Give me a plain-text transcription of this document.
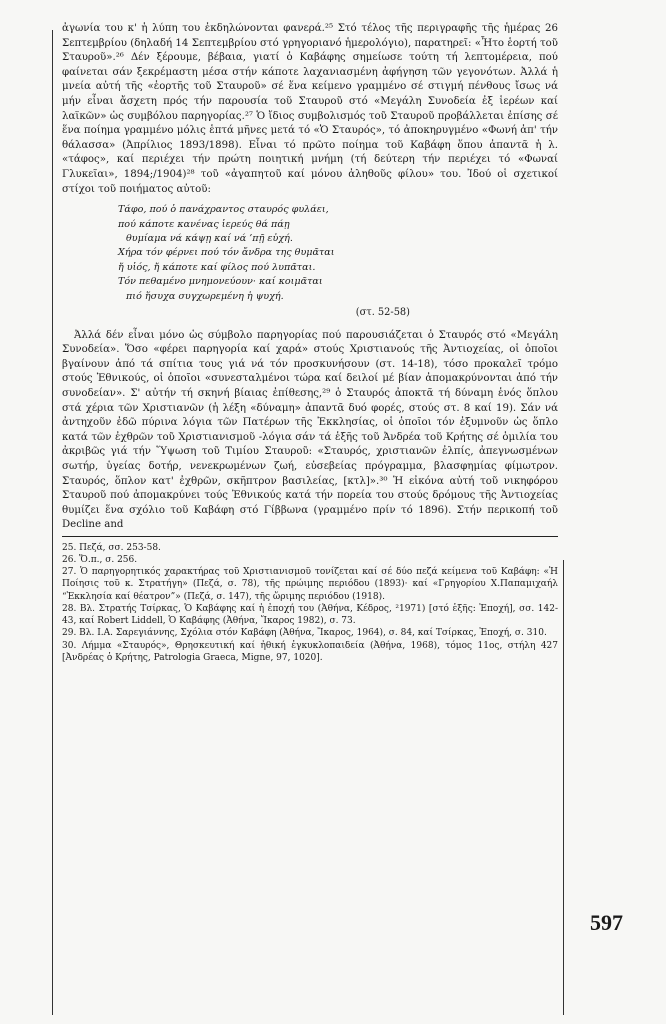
ἀγωνία του κ' ἡ λύπη του ἐκδηλώνονται φανερά.²⁵ Στό τέλος τῆς περιγραφῆς τῆς ἡμέρας 26 Σεπτεμβρίου (δηλαδή 14 Σεπτεμβρίου στό γρηγοριανό ἡμερολόγιο), παρατηρεῖ: «Ἦτο ἑορτή τοῦ Σταυροῦ».²⁶ Δέν ξέρουμε, βέβαια, γιατί ὁ Καβάφης σημείωσε τούτη τή λεπτομέρεια, πού φαίνεται σάν ξεκρέμαστη μέσα στήν κάποτε λαχανιασμένη ἀφήγηση τῶν γεγονότων. Ἀλλά ἡ μνεία αὐτή τῆς «ἑορτῆς τοῦ Σταυροῦ» σέ ἕνα κείμενο γραμμένο σέ στιγμή πένθους ἴσως νά μήν εἶναι ἄσχετη πρός τήν παρουσία τοῦ Σταυροῦ στό «Μεγάλη Συνοδεία ἐξ ἱερέων καί λαϊκῶν» ὡς συμβόλου παρηγορίας.²⁷ Ὁ ἴδιος συμβολισμός τοῦ Σταυροῦ προβάλλεται ἐπίσης σέ ἕνα ποίημα γραμμένο μόλις ἑπτά μῆνες μετά τό «Ὁ Σταυρός», τό ἀποκηρυγμένο «Φωνή ἀπ' τήν θάλασσα» (Ἀπρίλιος 1893/1898). Εἶναι τό πρῶτο ποίημα τοῦ Καβάφη ὅπου ἀπαντᾶ ἡ λ. «τάφος», καί περιέχει τήν πρώτη ποιητική μνήμη (τή δεύτερη τήν περιέχει τό «Φωναί Γλυκεῖαι», 1894;/1904)²⁸ τοῦ «ἀγαπητοῦ καί μόνου ἀληθοῦς φίλου» του. Ἰδού οἱ σχετικοί στίχοι τοῦ ποιήματος αὐτοῦ:

Τάφο, πού ὁ πανάχραντος σταυρός φυλάει,
πού κάποτε κανένας ἱερεύς θά πάῃ
θυμίαμα νά κάψῃ καί νά ’πῇ εὐχή.
Χήρα τόν φέρνει πού τόν ἄνδρα της θυμᾶται
ἤ υἱός, ἤ κάποτε καί φίλος πού λυπᾶται.
Τόν πεθαμένο μνημονεύουν· καί κοιμᾶται
πιό ἥσυχα συγχωρεμένη ἡ ψυχή.
(στ. 52-58)

Ἀλλά δέν εἶναι μόνο ὡς σύμβολο παρηγορίας πού παρουσιάζεται ὁ Σταυρός στό «Μεγάλη Συνοδεία». Ὅσο «φέρει παρηγορία καί χαρά» στούς Χριστιανούς τῆς Ἀντιοχείας, οἱ ὁποῖοι βγαίνουν ἀπό τά σπίτια τους γιά νά τόν προσκυνήσουν (στ. 14-18), τόσο προκαλεῖ τρόμο στούς Ἐθνικούς, οἱ ὁποῖοι «συνεσταλμένοι τώρα καί δειλοί μέ βίαν ἀπομακρύνονται ἀπό τήν συνοδείαν». Σ' αὐτήν τή σκηνή βίαιας ἐπίθεσης,²⁹ ὁ Σταυρός ἀποκτᾶ τή δύναμη ἑνός ὅπλου στά χέρια τῶν Χριστιανῶν (ἡ λέξη «δύναμη» ἀπαντᾶ δυό φορές, στούς στ. 8 καί 19). Σάν νά ἀντηχοῦν ἐδῶ πύρινα λόγια τῶν Πατέρων τῆς Ἐκκλησίας, οἱ ὁποῖοι τόν ἐξυμνοῦν ὡς ὅπλο κατά τῶν ἐχθρῶν τοῦ Χριστιανισμοῦ -λόγια σάν τά ἑξῆς τοῦ Ἀνδρέα τοῦ Κρήτης σέ ὁμιλία του ἀκριβῶς γιά τήν Ὕψωση τοῦ Τιμίου Σταυροῦ: «Σταυρός, χριστιανῶν ἐλπίς, ἀπεγνωσμένων σωτήρ, ὑγείας δοτήρ, νενεκρωμένων ζωή, εὐσεβείας πρόγραμμα, βλασφημίας φίμωτρον. Σταυρός, ὅπλον κατ' ἐχθρῶν, σκῆπτρον βασιλείας, [κτλ]».³⁰ Ἡ εἰκόνα αὐτή τοῦ νικηφόρου Σταυροῦ πού ἀπομακρύνει τούς Ἐθνικούς κατά τήν πορεία του στούς δρόμους τῆς Ἀντιοχείας θυμίζει ἕνα σχόλιο τοῦ Καβάφη στό Γίββωνα (γραμμένο πρίν τό 1896). Στήν περικοπή τοῦ Decline and

25. Πεζά, σσ. 253-58.
26. Ὅ.π., σ. 256.
27. Ὁ παρηγορητικός χαρακτήρας τοῦ Χριστιανισμοῦ τονίζεται καί σέ δύο πεζά κείμενα τοῦ Καβάφη: «Ἡ Ποίησις τοῦ κ. Στρατήγη» (Πεζά, σ. 78), τῆς πρώιμης περιόδου (1893)· καί «Γρηγορίου Χ.Παπαμιχαήλ “Ἐκκλησία καί θέατρον”» (Πεζά, σ. 147), τῆς ὥριμης περιόδου (1918).
28. Βλ. Στρατής Τσίρκας, Ὁ Καβάφης καί ἡ ἐποχή του (Ἀθήνα, Κέδρος, ²1971) [στό ἑξῆς: Ἐποχή], σσ. 142-43, καί Robert Liddell, Ὁ Καβάφης (Ἀθήνα, Ἴκαρος 1982), σ. 73.
29. Βλ. Ι.Α. Σαρεγιάννης, Σχόλια στόν Καβάφη (Ἀθήνα, Ἴκαρος, 1964), σ. 84, καί Τσίρκας, Ἐποχή, σ. 310.
30. Λήμμα «Σταυρός», Θρησκευτική καί ἠθική ἐγκυκλοπαιδεία (Ἀθήνα, 1968), τόμος 11ος, στήλη 427 [Ἀνδρέας ὁ Κρήτης, Patrologia Graeca, Migne, 97, 1020].
597
